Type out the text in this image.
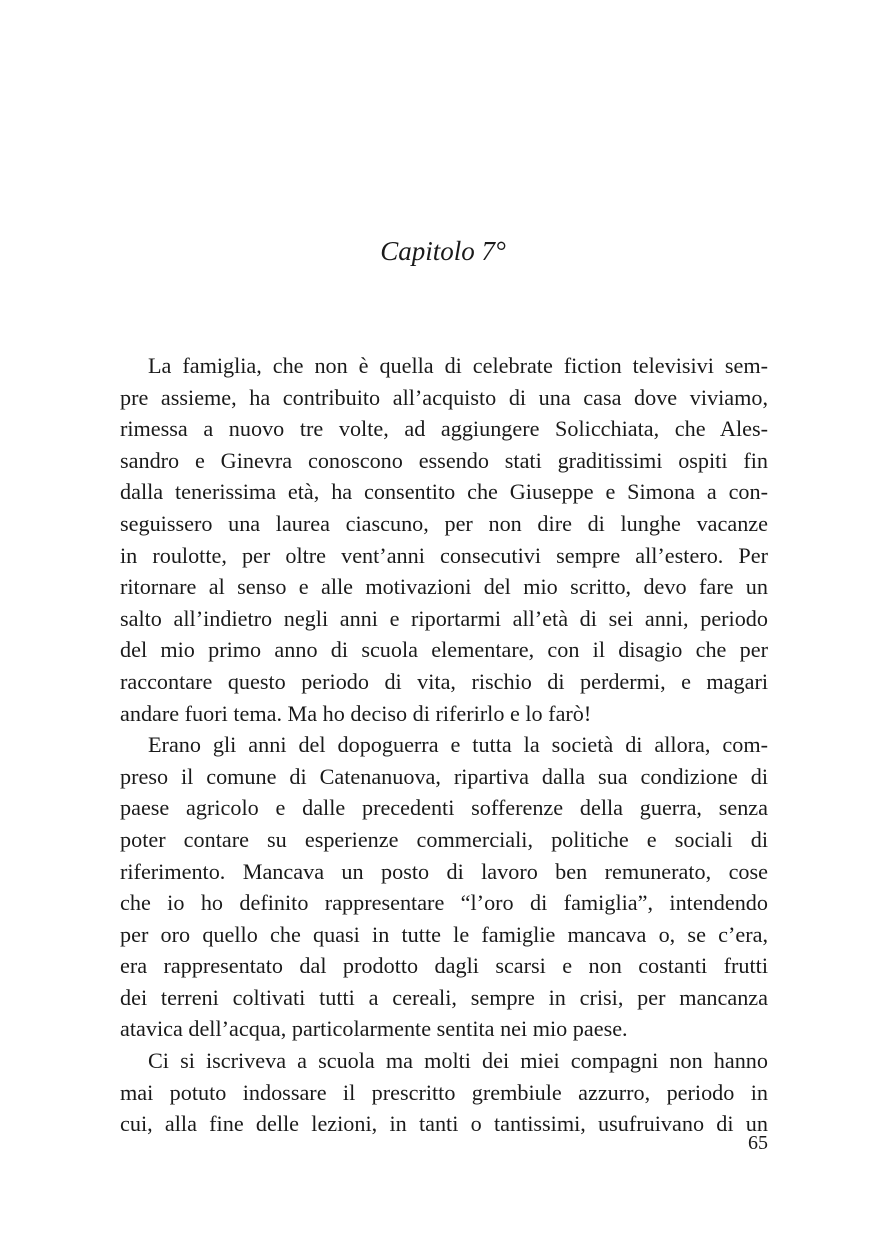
Capitolo 7°

La famiglia, che non è quella di celebrate fiction televisivi sem-
pre assieme, ha contribuito all’acquisto di una casa dove viviamo,
rimessa a nuovo tre volte, ad aggiungere Solicchiata, che Ales-
sandro e Ginevra conoscono essendo stati graditissimi ospiti fin
dalla tenerissima età, ha consentito che Giuseppe e Simona a con-
seguissero una laurea ciascuno, per non dire di lunghe vacanze
in roulotte, per oltre vent’anni consecutivi sempre all’estero. Per
ritornare al senso e alle motivazioni del mio scritto, devo fare un
salto all’indietro negli anni e riportarmi all’età di sei anni, periodo
del mio primo anno di scuola elementare, con il disagio che per
raccontare questo periodo di vita, rischio di perdermi, e magari
andare fuori tema. Ma ho deciso di riferirlo e lo farò!

Erano gli anni del dopoguerra e tutta la società di allora, com-
preso il comune di Catenanuova, ripartiva dalla sua condizione di
paese agricolo e dalle precedenti sofferenze della guerra, senza
poter contare su esperienze commerciali, politiche e sociali di
riferimento. Mancava un posto di lavoro ben remunerato, cose
che io ho definito rappresentare “l’oro di famiglia”, intendendo
per oro quello che quasi in tutte le famiglie mancava o, se c’era,
era rappresentato dal prodotto dagli scarsi e non costanti frutti
dei terreni coltivati tutti a cereali, sempre in crisi, per mancanza
atavica dell’acqua, particolarmente sentita nei mio paese.

Ci si iscriveva a scuola ma molti dei miei compagni non hanno
mai potuto indossare il prescritto grembiule azzurro, periodo in
cui, alla fine delle lezioni, in tanti o tantissimi, usufruivano di un

65
